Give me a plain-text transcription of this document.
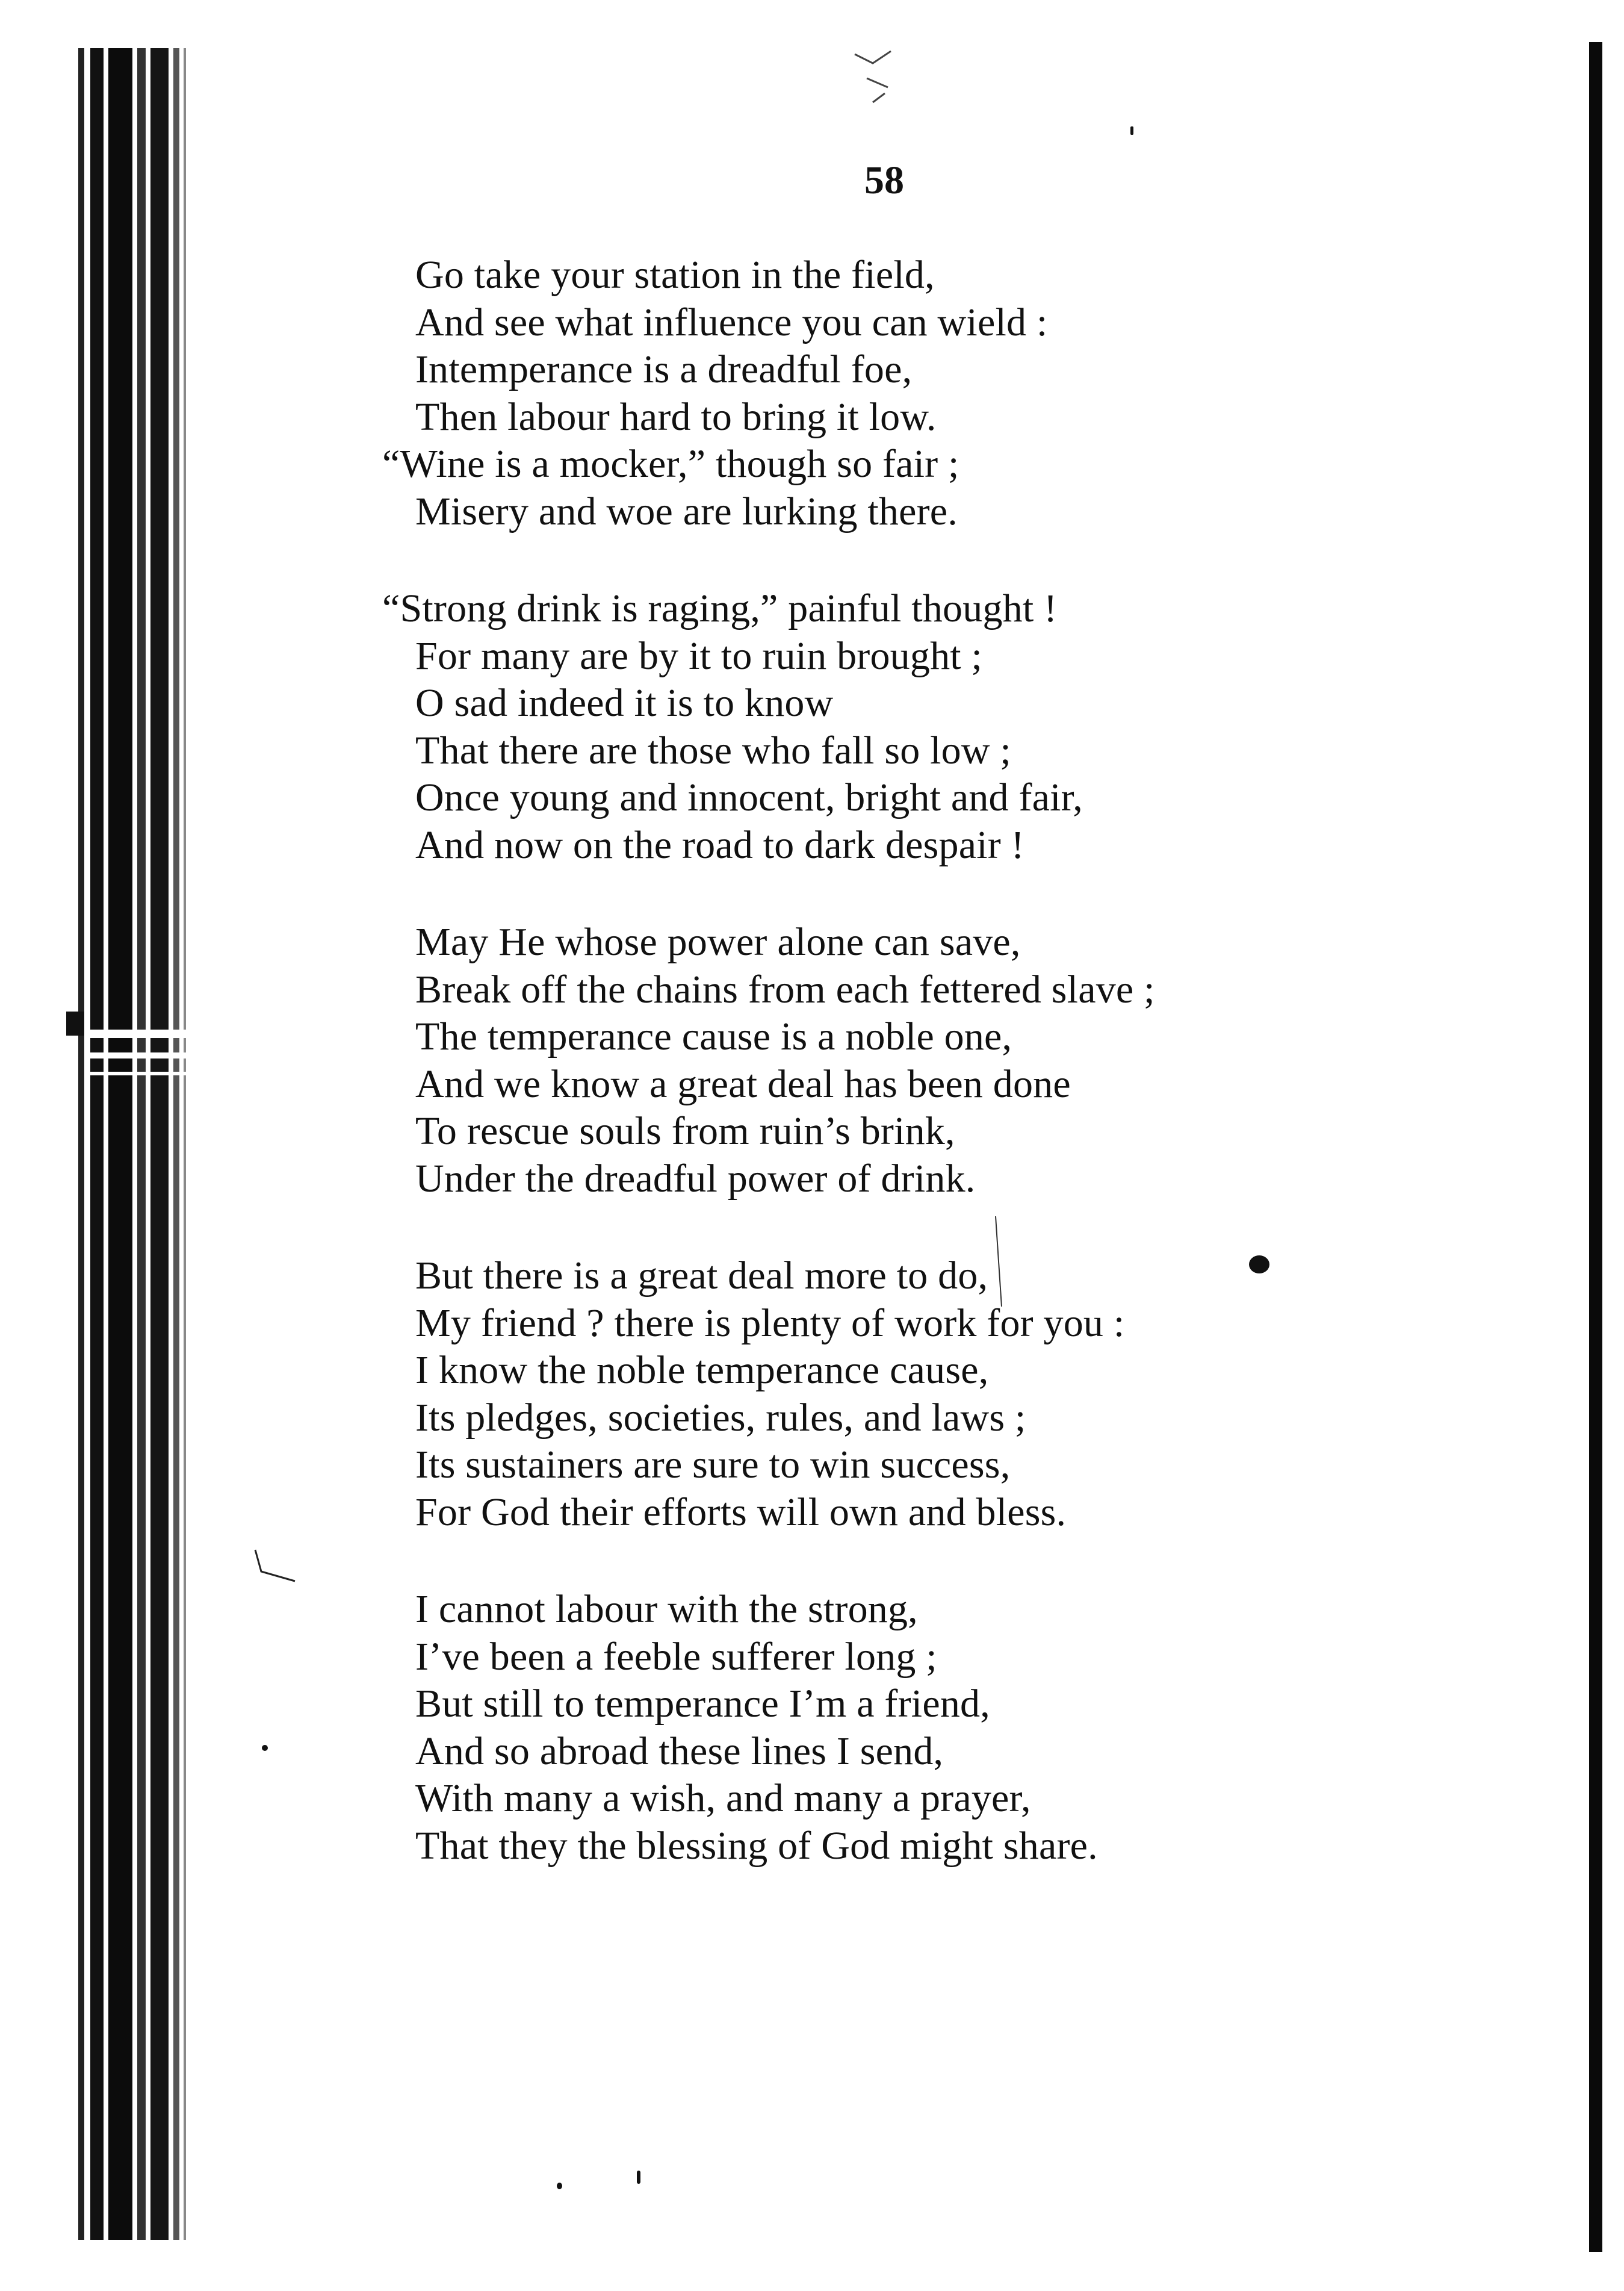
58
Go take your station in the field,
And see what influence you can wield :
Intemperance is a dreadful foe,
Then labour hard to bring it low.
“Wine is a mocker,” though so fair ;
Misery and woe are lurking there.
“Strong drink is raging,” painful thought !
For many are by it to ruin brought ;
O sad indeed it is to know
That there are those who fall so low ;
Once young and innocent, bright and fair,
And now on the road to dark despair !
May He whose power alone can save,
Break off the chains from each fettered slave ;
The temperance cause is a noble one,
And we know a great deal has been done
To rescue souls from ruin’s brink,
Under the dreadful power of drink.
But there is a great deal more to do,
My friend ? there is plenty of work for you :
I know the noble temperance cause,
Its pledges, societies, rules, and laws ;
Its sustainers are sure to win success,
For God their efforts will own and bless.
I cannot labour with the strong,
I’ve been a feeble sufferer long ;
But still to temperance I’m a friend,
And so abroad these lines I send,
With many a wish, and many a prayer,
That they the blessing of God might share.
